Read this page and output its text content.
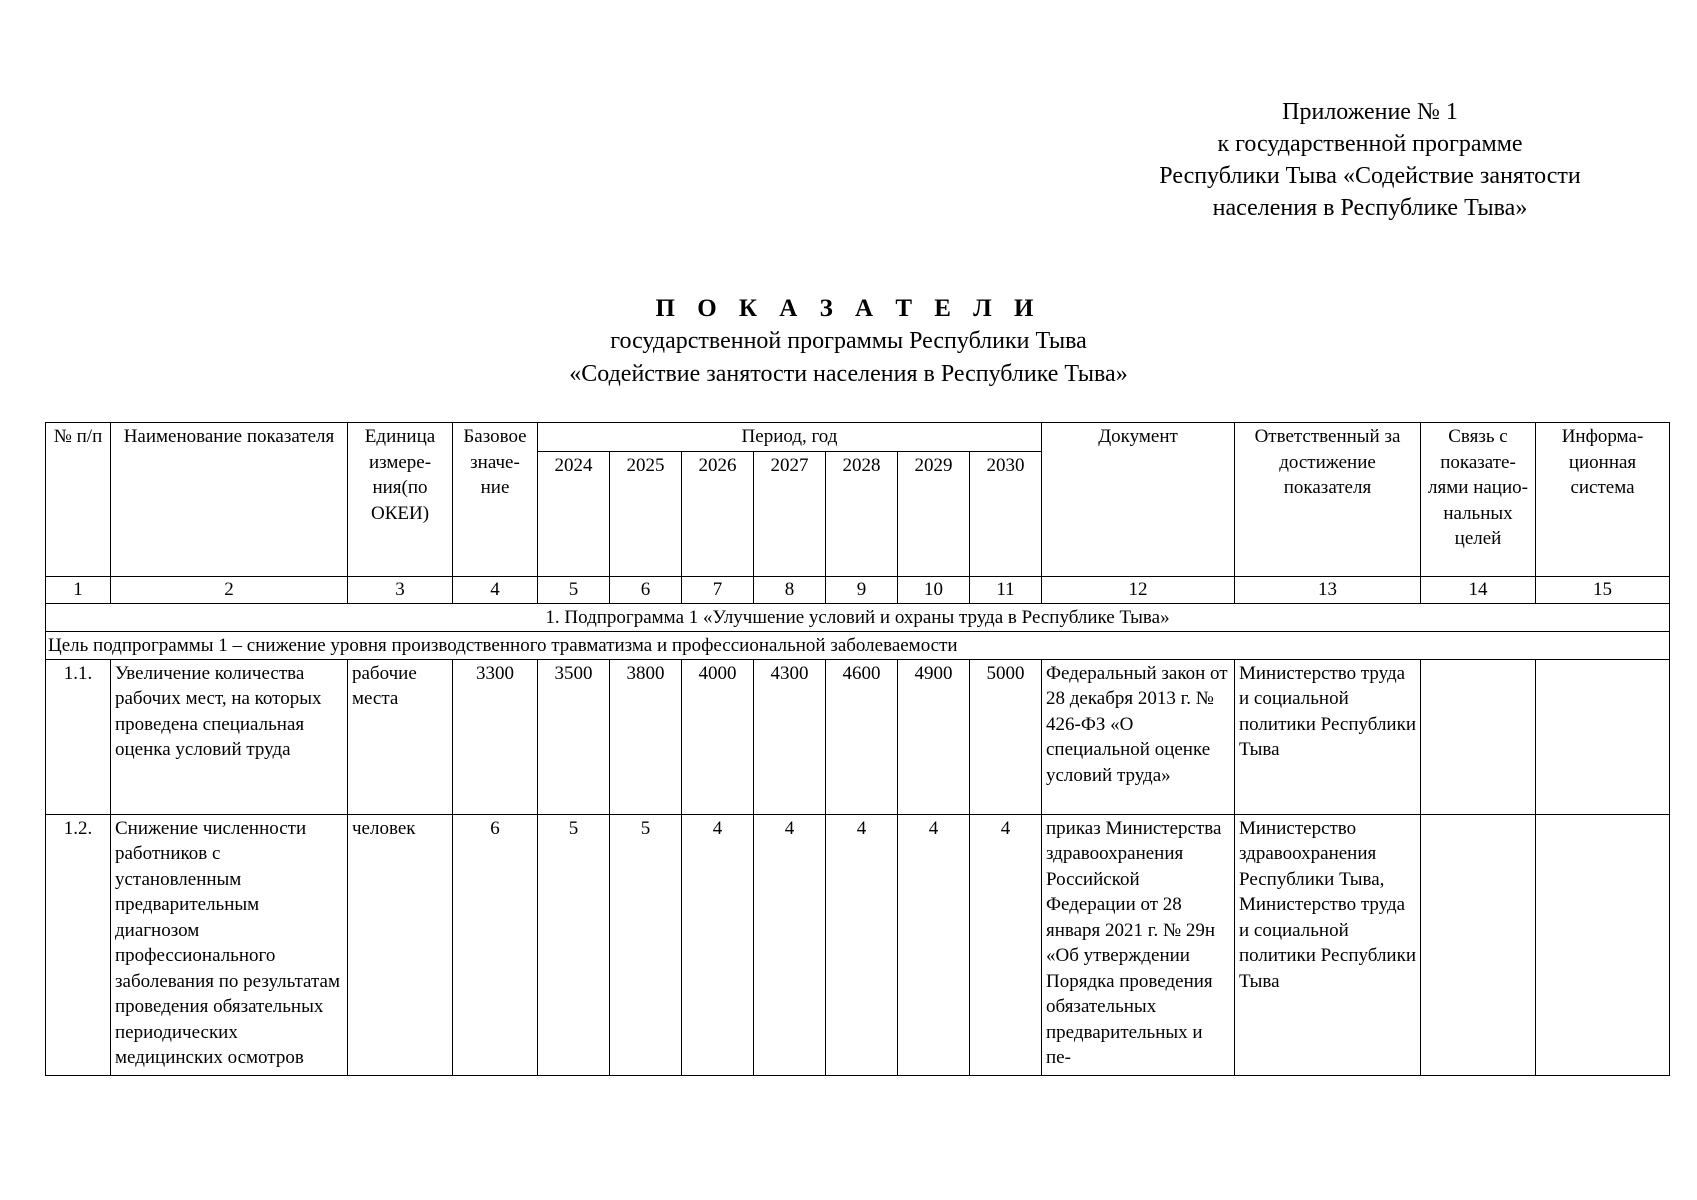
Приложение № 1
к государственной программе
Республики Тыва «Содействие занятости
населения в Республике Тыва»
П О К А З А Т Е Л И
государственной программы Республики Тыва
«Содействие занятости населения в Республике Тыва»
№ п/п	Наименование показателя	Единица измере-ния(по ОКЕИ)	Базовое значе-ние	Период, год							Документ	Ответственный за достижение показателя	Связь с показате-лями нацио-нальных целей	Информа-ционная система
				2024	2025	2026	2027	2028	2029	2030				
1	2	3	4	5	6	7	8	9	10	11	12	13	14	15
1. Подпрограмма 1 «Улучшение условий и охраны труда в Республике Тыва»														
Цель подпрограммы 1 – снижение уровня производственного травматизма и профессиональной заболеваемости														
1.1.	Увеличение количества рабочих мест, на которых проведена специальная оценка условий труда	рабочие места	3300	3500	3800	4000	4300	4600	4900	5000	Федеральный закон от 28 декабря 2013 г. № 426-ФЗ «О специальной оценке условий труда»	Министерство труда и социальной политики Республики Тыва		
1.2.	Снижение численности работников с установленным предварительным диагнозом профессионального заболевания по результатам проведения обязательных периодических медицинских осмотров	человек	6	5	5	4	4	4	4	4	приказ Министерства здравоохранения Российской Федерации от 28 января 2021 г. № 29н «Об утверждении Порядка проведения обязательных предварительных и пе-	Министерство здравоохранения Республики Тыва, Министерство труда и социальной политики Республики Тыва		
